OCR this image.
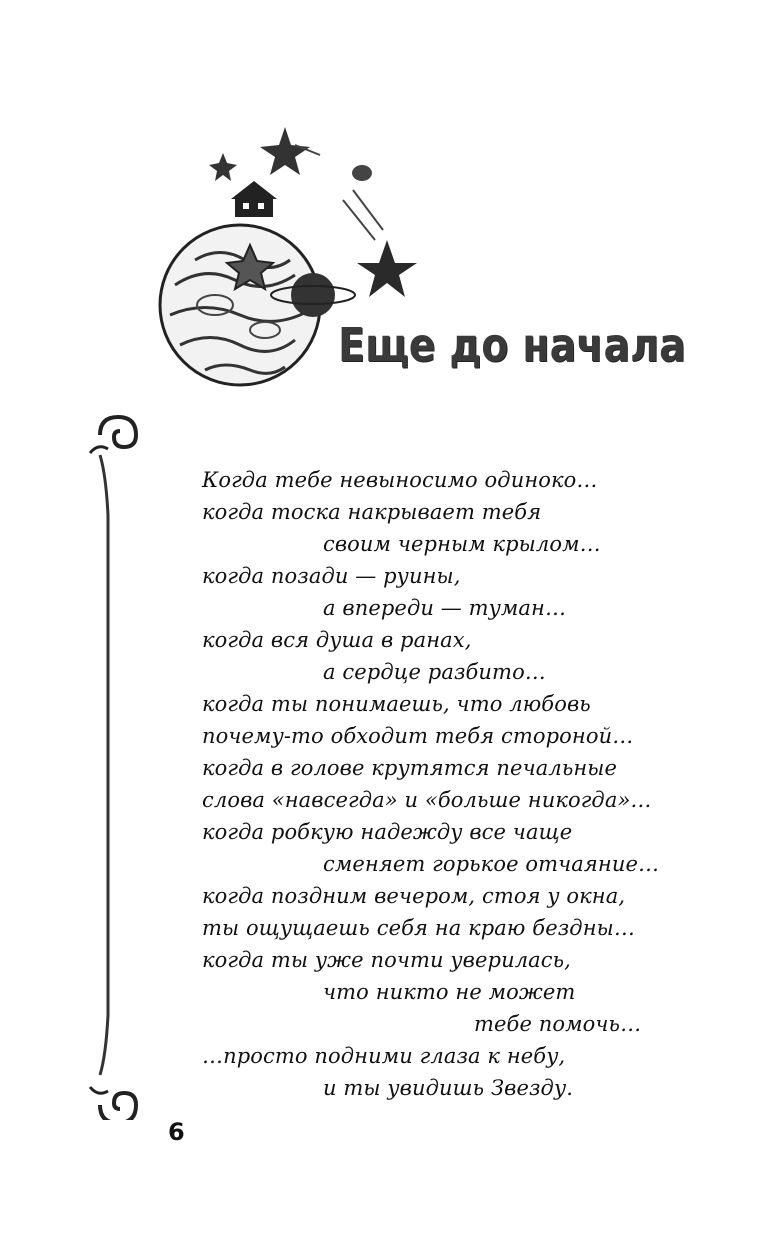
Еще до начала
Когда тебе невыносимо одиноко…
когда тоска накрывает тебя
своим черным крылом…
когда позади — руины,
а впереди — туман…
когда вся душа в ранах,
а сердце разбито…
когда ты понимаешь, что любовь
почему-то обходит тебя стороной…
когда в голове крутятся печальные
слова «навсегда» и «больше никогда»…
когда робкую надежду все чаще
сменяет горькое отчаяние…
когда поздним вечером, стоя у окна,
ты ощущаешь себя на краю бездны…
когда ты уже почти уверилась,
что никто не может
тебе помочь…
…просто подними глаза к небу,
и ты увидишь Звезду.
6
